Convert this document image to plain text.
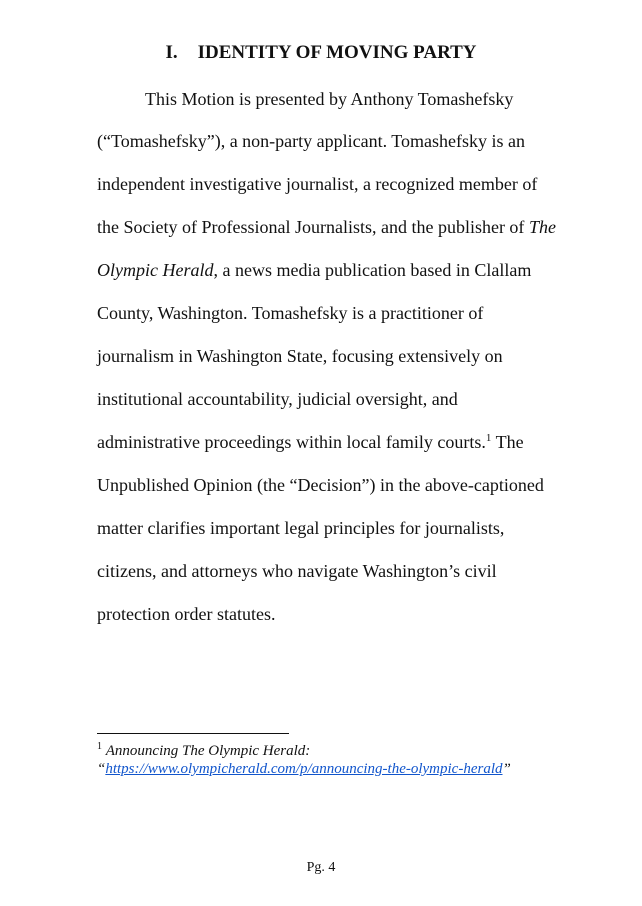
I. IDENTITY OF MOVING PARTY
This Motion is presented by Anthony Tomashefsky
(“Tomashefsky”), a non-party applicant. Tomashefsky is an
independent investigative journalist, a recognized member of
the Society of Professional Journalists, and the publisher of The
Olympic Herald, a news media publication based in Clallam
County, Washington. Tomashefsky is a practitioner of
journalism in Washington State, focusing extensively on
institutional accountability, judicial oversight, and
administrative proceedings within local family courts.$^1$ The
Unpublished Opinion (the “Decision”) in the above-captioned
matter clarifies important legal principles for journalists,
citizens, and attorneys who navigate Washington’s civil
protection order statutes.
$^1$ Announcing The Olympic Herald:
“https://www.olympicherald.com/p/announcing-the-olympic-herald”
Pg. 4
